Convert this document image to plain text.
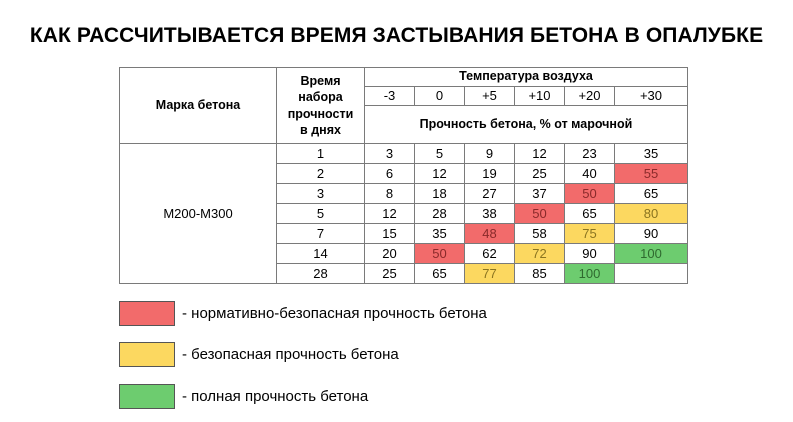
КАК РАССЧИТЫВАЕТСЯ ВРЕМЯ ЗАСТЫВАНИЯ БЕТОНА В ОПАЛУБКЕ
Марка бетона	Время
набора
прочности
в днях	Температура воздуха					
		-3	0	+5	+10	+20	+30
		Прочность бетона, % от марочной					
М200-М300	1	3	5	9	12	23	35
	2	6	12	19	25	40	55
	3	8	18	27	37	50	65
	5	12	28	38	50	65	80
	7	15	35	48	58	75	90
	14	20	50	62	72	90	100
	28	25	65	77	85	100	
- нормативно-безопасная прочность бетона
- безопасная прочность бетона
- полная прочность бетона
